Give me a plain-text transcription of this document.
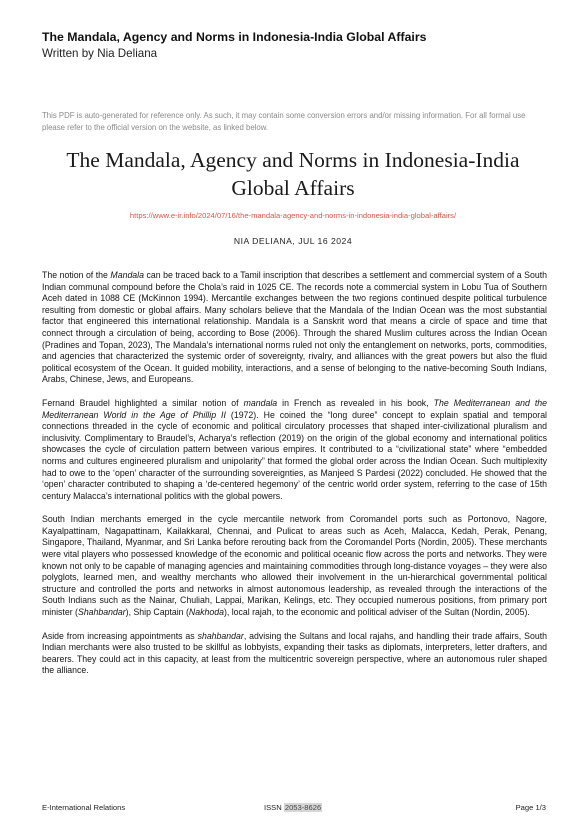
The Mandala, Agency and Norms in Indonesia-India Global Affairs
Written by Nia Deliana
This PDF is auto-generated for reference only. As such, it may contain some conversion errors and/or missing information. For all formal use please refer to the official version on the website, as linked below.
The Mandala, Agency and Norms in Indonesia-India
Global Affairs
https://www.e-ir.info/2024/07/16/the-mandala-agency-and-norms-in-indonesia-india-global-affairs/
NIA DELIANA, JUL 16 2024

The notion of the Mandala can be traced back to a Tamil inscription that describes a settlement and commercial system of a South Indian communal compound before the Chola’s raid in 1025 CE. The records note a commercial system in Lobu Tua of Southern Aceh dated in 1088 CE (McKinnon 1994). Mercantile exchanges between the two regions continued despite political turbulence resulting from domestic or global affairs. Many scholars believe that the Mandala of the Indian Ocean was the most substantial factor that engineered this international relationship. Mandala is a Sanskrit word that means a circle of space and time that connect through a circulation of being, according to Bose (2006). Through the shared Muslim cultures across the Indian Ocean (Pradines and Topan, 2023), The Mandala’s international norms ruled not only the entanglement on networks, ports, commodities, and agencies that characterized the systemic order of sovereignty, rivalry, and alliances with the great powers but also the fluid political ecosystem of the Ocean. It guided mobility, interactions, and a sense of belonging to the native-becoming South Indians, Arabs, Chinese, Jews, and Europeans.

Fernand Braudel highlighted a similar notion of mandala in French as revealed in his book, The Mediterranean and the Mediterranean World in the Age of Phillip II (1972). He coined the “long duree” concept to explain spatial and temporal connections threaded in the cycle of economic and political circulatory processes that shaped inter-civilizational pluralism and inclusivity. Complimentary to Braudel’s, Acharya’s reflection (2019) on the origin of the global economy and international politics showcases the cycle of circulation pattern between various empires. It contributed to a “civilizational state” where “embedded norms and cultures engineered pluralism and unipolarity” that formed the global order across the Indian Ocean. Such multiplexity had to owe to the ‘open’ character of the surrounding sovereignties, as Manjeed S Pardesi (2022) concluded. He showed that the ‘open’ character contributed to shaping a ‘de-centered hegemony’ of the centric world order system, referring to the case of 15th century Malacca’s international politics with the global powers.

South Indian merchants emerged in the cycle mercantile network from Coromandel ports such as Portonovo, Nagore, Kayalpattinam, Nagapattinam, Kailakkaral, Chennai, and Pulicat to areas such as Aceh, Malacca, Kedah, Perak, Penang, Singapore, Thailand, Myanmar, and Sri Lanka before rerouting back from the Coromandel Ports (Nordin, 2005). These merchants were vital players who possessed knowledge of the economic and political oceanic flow across the ports and networks. They were known not only to be capable of managing agencies and maintaining commodities through long-distance voyages – they were also polyglots, learned men, and wealthy merchants who allowed their involvement in the un-hierarchical governmental political structure and controlled the ports and networks in almost autonomous leadership, as revealed through the interactions of the South Indians such as the Nainar, Chuliah, Lappai, Marikan, Kelings, etc. They occupied numerous positions, from primary port minister (Shahbandar), Ship Captain (Nakhoda), local rajah, to the economic and political adviser of the Sultan (Nordin, 2005).

Aside from increasing appointments as shahbandar, advising the Sultans and local rajahs, and handling their trade affairs, South Indian merchants were also trusted to be skillful as lobbyists, expanding their tasks as diplomats, interpreters, letter drafters, and bearers. They could act in this capacity, at least from the multicentric sovereign perspective, where an autonomous ruler shaped the alliance.

E-International Relations	ISSN 2053-8626	Page 1/3
